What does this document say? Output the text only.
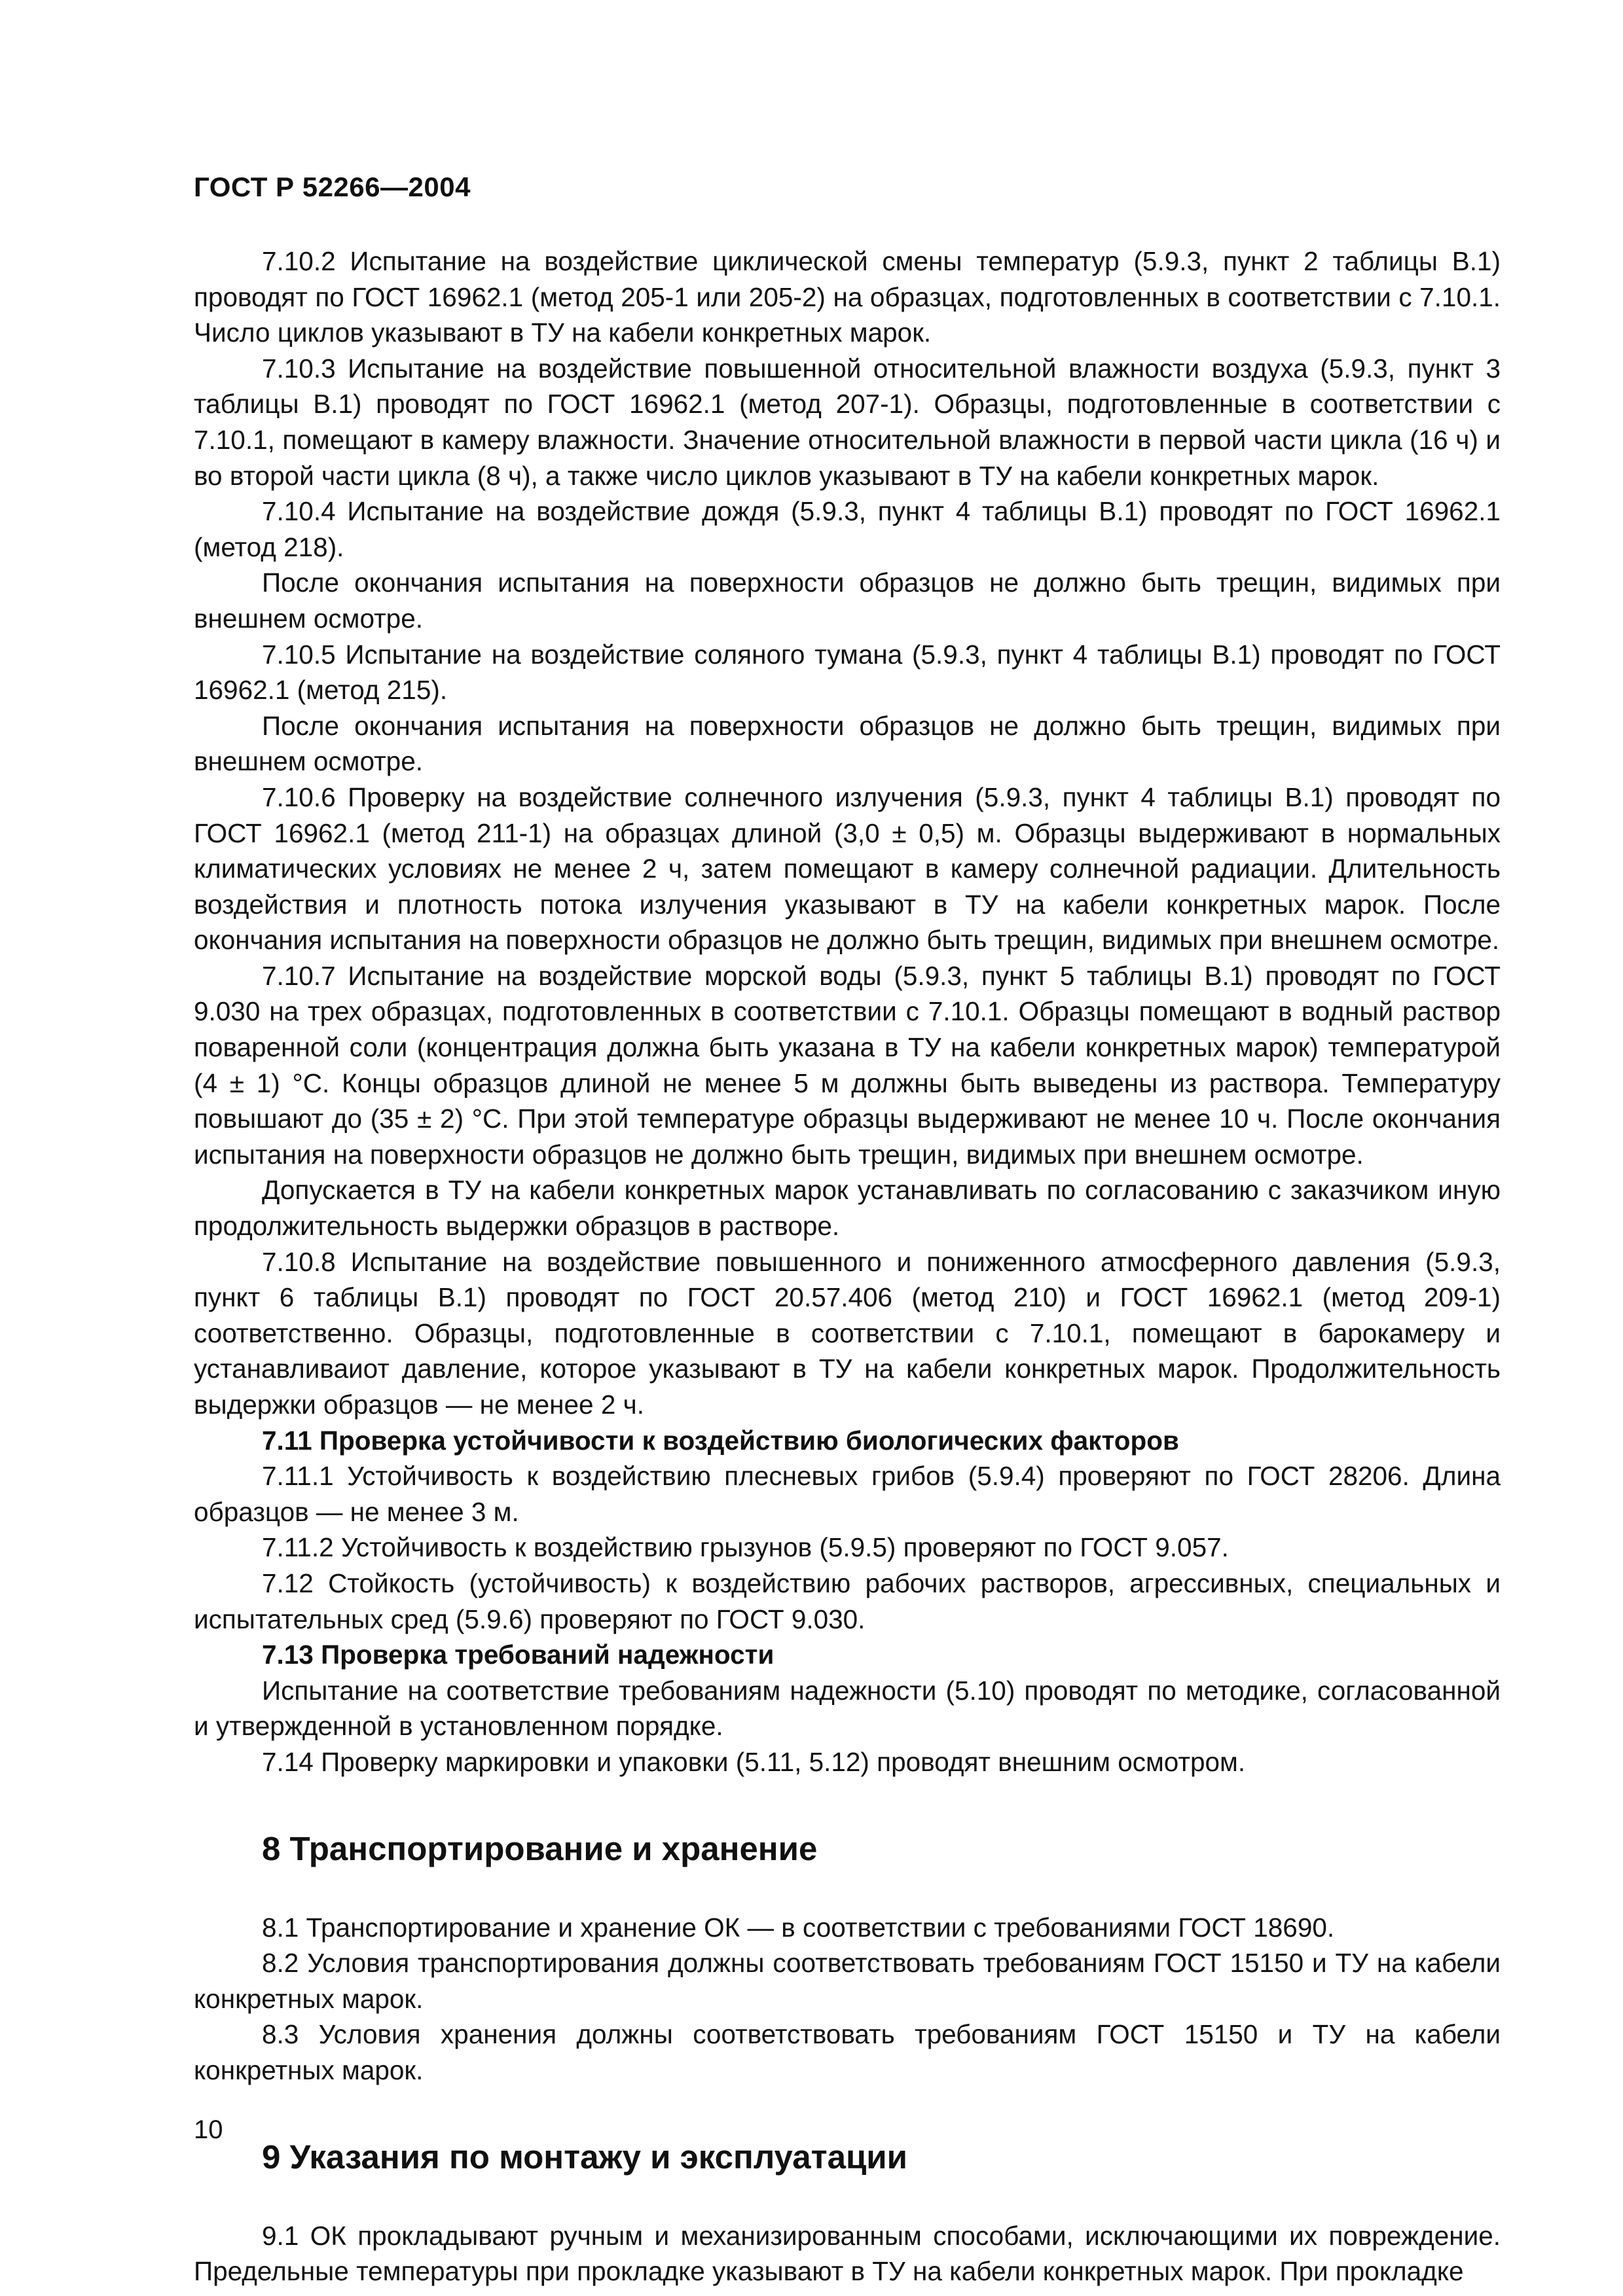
ГОСТ Р 52266—2004

7.10.2 Испытание на воздействие циклической смены температур (5.9.3, пункт 2 таблицы В.1) проводят по ГОСТ 16962.1 (метод 205-1 или 205-2) на образцах, подготовленных в соответствии с 7.10.1. Число циклов указывают в ТУ на кабели конкретных марок.

7.10.3 Испытание на воздействие повышенной относительной влажности воздуха (5.9.3, пункт 3 таблицы В.1) проводят по ГОСТ 16962.1 (метод 207-1). Образцы, подготовленные в соответствии с 7.10.1, помещают в камеру влажности. Значение относительной влажности в первой части цикла (16 ч) и во второй части цикла (8 ч), а также число циклов указывают в ТУ на кабели конкретных марок.

7.10.4 Испытание на воздействие дождя (5.9.3, пункт 4 таблицы В.1) проводят по ГОСТ 16962.1 (метод 218).

После окончания испытания на поверхности образцов не должно быть трещин, видимых при внешнем осмотре.

7.10.5 Испытание на воздействие соляного тумана (5.9.3, пункт 4 таблицы В.1) проводят по ГОСТ 16962.1 (метод 215).

После окончания испытания на поверхности образцов не должно быть трещин, видимых при внешнем осмотре.

7.10.6 Проверку на воздействие солнечного излучения (5.9.3, пункт 4 таблицы В.1) проводят по ГОСТ 16962.1 (метод 211-1) на образцах длиной (3,0 ± 0,5) м. Образцы выдерживают в нормальных климатических условиях не менее 2 ч, затем помещают в камеру солнечной радиации. Длительность воздействия и плотность потока излучения указывают в ТУ на кабели конкретных марок. После окончания испытания на поверхности образцов не должно быть трещин, видимых при внешнем осмотре.

7.10.7 Испытание на воздействие морской воды (5.9.3, пункт 5 таблицы В.1) проводят по ГОСТ 9.030 на трех образцах, подготовленных в соответствии с 7.10.1. Образцы помещают в водный раствор поваренной соли (концентрация должна быть указана в ТУ на кабели конкретных марок) температурой (4 ± 1) °С. Концы образцов длиной не менее 5 м должны быть выведены из раствора. Температуру повышают до (35 ± 2) °С. При этой температуре образцы выдерживают не менее 10 ч. После окончания испытания на поверхности образцов не должно быть трещин, видимых при внешнем осмотре.

Допускается в ТУ на кабели конкретных марок устанавливать по согласованию с заказчиком иную продолжительность выдержки образцов в растворе.

7.10.8 Испытание на воздействие повышенного и пониженного атмосферного давления (5.9.3, пункт 6 таблицы В.1) проводят по ГОСТ 20.57.406 (метод 210) и ГОСТ 16962.1 (метод 209-1) соответственно. Образцы, подготовленные в соответствии с 7.10.1, помещают в барокамеру и устанавливаиот давление, которое указывают в ТУ на кабели конкретных марок. Продолжительность выдержки образцов — не менее 2 ч.

7.11 Проверка устойчивости к воздействию биологических факторов

7.11.1 Устойчивость к воздействию плесневых грибов (5.9.4) проверяют по ГОСТ 28206. Длина образцов — не менее 3 м.

7.11.2 Устойчивость к воздействию грызунов (5.9.5) проверяют по ГОСТ 9.057.

7.12 Стойкость (устойчивость) к воздействию рабочих растворов, агрессивных, специальных и испытательных сред (5.9.6) проверяют по ГОСТ 9.030.

7.13 Проверка требований надежности

Испытание на соответствие требованиям надежности (5.10) проводят по методике, согласованной и утвержденной в установленном порядке.

7.14 Проверку маркировки и упаковки (5.11, 5.12) проводят внешним осмотром.

8 Транспортирование и хранение

8.1 Транспортирование и хранение ОК — в соответствии с требованиями ГОСТ 18690.

8.2 Условия транспортирования должны соответствовать требованиям ГОСТ 15150 и ТУ на кабели конкретных марок.

8.3 Условия хранения должны соответствовать требованиям ГОСТ 15150 и ТУ на кабели конкретных марок.

9 Указания по монтажу и эксплуатации

9.1 ОК прокладывают ручным и механизированным способами, исключающими их повреждение. Предельные температуры при прокладке указывают в ТУ на кабели конкретных марок. При прокладке

10
